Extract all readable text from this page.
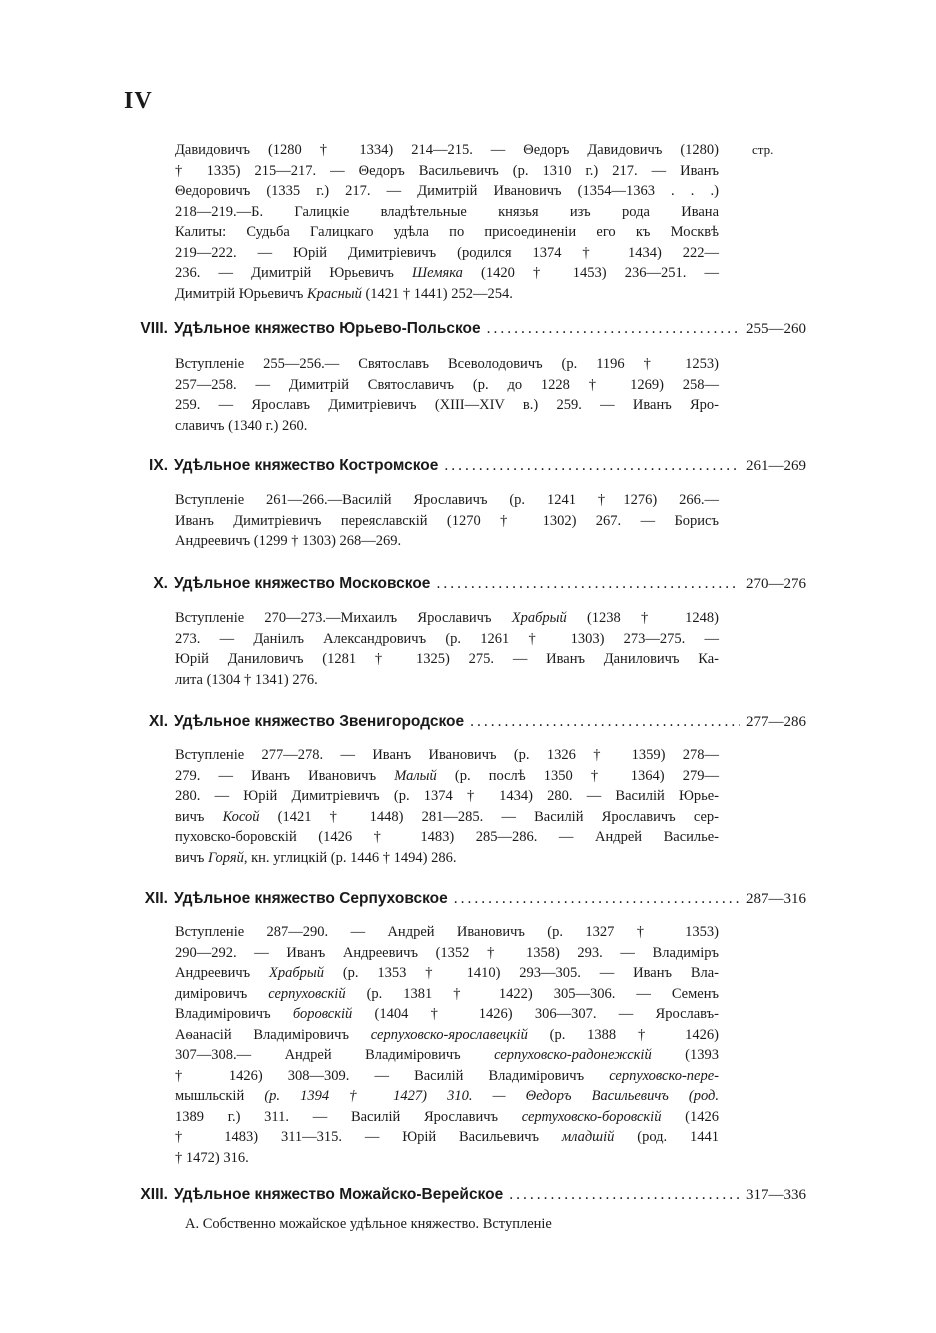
IV
стр.
Давидовичъ (1280 † 1334) 214—215. — Θедоръ Давидовичъ (1280)
† 1335) 215—217. — Θедоръ Васильевичъ (р. 1310 г.) 217. — Иванъ
Θедоровичъ (1335 г.) 217. — Димитрій Ивановичъ (1354—1363 . . .)
218—219.—Б. Галицкіе владѣтельные князья изъ рода Ивана
Калиты: Судьба Галицкаго удѣла по присоединеніи его къ Москвѣ
219—222. — Юрій Димитріевичъ (родился 1374 † 1434) 222—
236. — Димитрій Юрьевичъ Шемяка (1420 † 1453) 236—251. —
Димитрій Юрьевичъ Красный (1421 † 1441) 252—254.
VIII. Удѣльное княжество Юрьево-Польское .....	255—260
Вступленіе 255—256.— Святославъ Всеволодовичъ (р. 1196 † 1253)
257—258. — Димитрій Святославичъ (р. до 1228 † 1269) 258—
259. — Ярославъ Димитріевичъ (XIII—XIV в.) 259. — Иванъ Яро-
славичъ (1340 г.) 260.
IX. Удѣльное княжество Костромское .....	261—269
Вступленіе 261—266.—Василій Ярославичъ (р. 1241 †1276) 266.—
Иванъ Димитріевичъ переяславскій (1270 † 1302) 267. — Борисъ
Андреевичъ (1299 † 1303) 268—269.
X. Удѣльное княжество Московское .....	270—276
Вступленіе 270—273.—Михаилъ Ярославичъ Храбрый (1238 † 1248)
273. — Даніилъ Александровичъ (р. 1261 † 1303) 273—275. —
Юрій Даниловичъ (1281 † 1325) 275. — Иванъ Даниловичъ Ка-
лита (1304 † 1341) 276.
XI. Удѣльное княжество Звенигородское .....	277—286
Вступленіе 277—278. — Иванъ Ивановичъ (р. 1326 † 1359) 278—
279. — Иванъ Ивановичъ Малый (р. послѣ 1350 † 1364) 279—
280. — Юрій Димитріевичъ (р. 1374 † 1434) 280. — Василій Юрье-
вичъ Косой (1421 † 1448) 281—285. — Василій Ярославичъ сер-
пуховско-боровскій (1426 † 1483) 285—286. — Андрей Василье-
вичъ Горяй, кн. углицкій (р. 1446 † 1494) 286.
XII. Удѣльное княжество Серпуховское .....	287—316
Вступленіе 287—290. — Андрей Ивановичъ (р. 1327 † 1353)
290—292. — Иванъ Андреевичъ (1352 † 1358) 293. — Владиміръ
Андреевичъ Храбрый (р. 1353 † 1410) 293—305. — Иванъ Вла-
диміровичъ серпуховскій (р. 1381 † 1422) 305—306. — Семенъ
Владиміровичъ боровскій (1404 † 1426) 306—307. — Ярославъ-
Аѳанасій Владиміровичъ серпуховско-ярославецкій (р. 1388 † 1426)
307—308.— Андрей Владиміровичъ серпуховско-радонежскій (1393
† 1426) 308—309. — Василій Владиміровичъ серпуховско-пере-
мышльскій (р. 1394 † 1427) 310. — Θедоръ Васильевичъ (род.
1389 г.) 311. — Василій Ярославичъ сертуховско-боровскій (1426
† 1483) 311—315. — Юрій Васильевичъ младшій (род. 1441
† 1472) 316.
XIII. Удѣльное княжество Можайско-Верейское .....	317—336
А. Собственно можайское удѣльное княжество. Вступленіе
